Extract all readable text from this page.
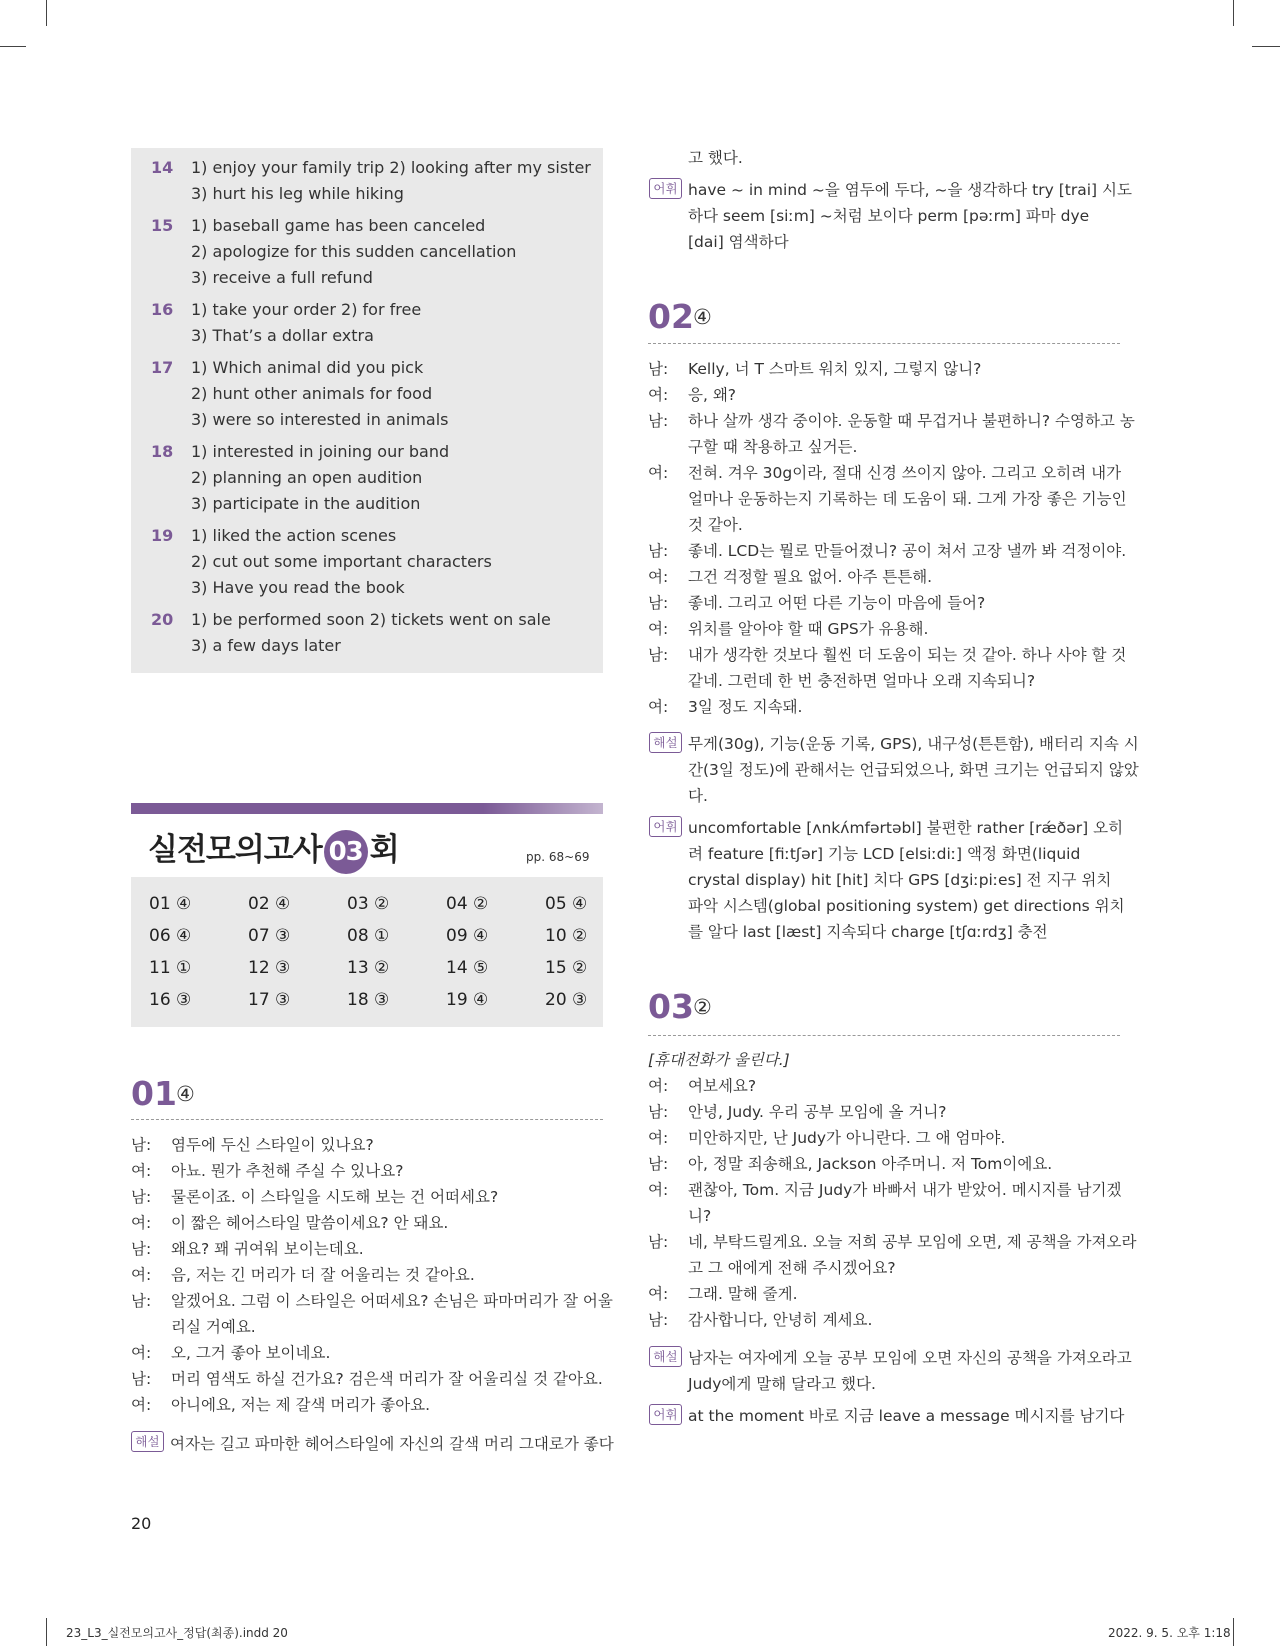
14 1) enjoy your family trip 2) looking after my sister
3) hurt his leg while hiking
15 1) baseball game has been canceled
2) apologize for this sudden cancellation
3) receive a full refund
16 1) take your order 2) for free
3) That’s a dollar extra
17 1) Which animal did you pick
2) hunt other animals for food
3) were so interested in animals
18 1) interested in joining our band
2) planning an open audition
3) participate in the audition
19 1) liked the action scenes
2) cut out some important characters
3) Have you read the book
20 1) be performed soon 2) tickets went on sale
3) a few days later
실전모의고사 03 회	pp. 68~69
01 ④	02 ④	03 ②	04 ②	05 ④
06 ④	07 ③	08 ①	09 ④	10 ②
11 ①	12 ③	13 ②	14 ⑤	15 ②
16 ③	17 ③	18 ③	19 ④	20 ③
01 ④
남: 염두에 두신 스타일이 있나요?
여: 아뇨. 뭔가 추천해 주실 수 있나요?
남: 물론이죠. 이 스타일을 시도해 보는 건 어떠세요?
여: 이 짧은 헤어스타일 말씀이세요? 안 돼요.
남: 왜요? 꽤 귀여워 보이는데요.
여: 음, 저는 긴 머리가 더 잘 어울리는 것 같아요.
남: 알겠어요. 그럼 이 스타일은 어떠세요? 손님은 파마머리가 잘 어울
리실 거예요.
여: 오, 그거 좋아 보이네요.
남: 머리 염색도 하실 건가요? 검은색 머리가 잘 어울리실 것 같아요.
여: 아니에요, 저는 제 갈색 머리가 좋아요.
해설 여자는 길고 파마한 헤어스타일에 자신의 갈색 머리 그대로가 좋다
고 했다.
어휘 have ~ in mind ~을 염두에 두다, ~을 생각하다 try [trai] 시도
하다 seem [siːm] ~처럼 보이다 perm [pəːrm] 파마 dye
[dai] 염색하다
02 ④
남: Kelly, 너 T 스마트 워치 있지, 그렇지 않니?
여: 응, 왜?
남: 하나 살까 생각 중이야. 운동할 때 무겁거나 불편하니? 수영하고 농
구할 때 착용하고 싶거든.
여: 전혀. 겨우 30g이라, 절대 신경 쓰이지 않아. 그리고 오히려 내가
얼마나 운동하는지 기록하는 데 도움이 돼. 그게 가장 좋은 기능인
것 같아.
남: 좋네. LCD는 뭘로 만들어졌니? 공이 쳐서 고장 낼까 봐 걱정이야.
여: 그건 걱정할 필요 없어. 아주 튼튼해.
남: 좋네. 그리고 어떤 다른 기능이 마음에 들어?
여: 위치를 알아야 할 때 GPS가 유용해.
남: 내가 생각한 것보다 훨씬 더 도움이 되는 것 같아. 하나 사야 할 것
같네. 그런데 한 번 충전하면 얼마나 오래 지속되니?
여: 3일 정도 지속돼.
해설 무게(30g), 기능(운동 기록, GPS), 내구성(튼튼함), 배터리 지속 시
간(3일 정도)에 관해서는 언급되었으나, 화면 크기는 언급되지 않았
다.
어휘 uncomfortable [ʌnkʌ́mfərtəbl] 불편한 rather [rǽðər] 오히
려 feature [fiːtʃər] 기능 LCD [elsiːdiː] 액정 화면(liquid
crystal display) hit [hit] 치다 GPS [dʒiːpiːes] 전 지구 위치
파악 시스템(global positioning system) get directions 위치
를 알다 last [læst] 지속되다 charge [tʃɑːrdʒ] 충전
03 ②
[휴대전화가 울린다.]
여: 여보세요?
남: 안녕, Judy. 우리 공부 모임에 올 거니?
여: 미안하지만, 난 Judy가 아니란다. 그 애 엄마야.
남: 아, 정말 죄송해요, Jackson 아주머니. 저 Tom이에요.
여: 괜찮아, Tom. 지금 Judy가 바빠서 내가 받았어. 메시지를 남기겠
니?
남: 네, 부탁드릴게요. 오늘 저희 공부 모임에 오면, 제 공책을 가져오라
고 그 애에게 전해 주시겠어요?
여: 그래. 말해 줄게.
남: 감사합니다, 안녕히 계세요.
해설 남자는 여자에게 오늘 공부 모임에 오면 자신의 공책을 가져오라고
Judy에게 말해 달라고 했다.
어휘 at the moment 바로 지금 leave a message 메시지를 남기다
20
23_L3_실전모의고사_정답(최종).indd 20	2022. 9. 5. 오후 1:18
